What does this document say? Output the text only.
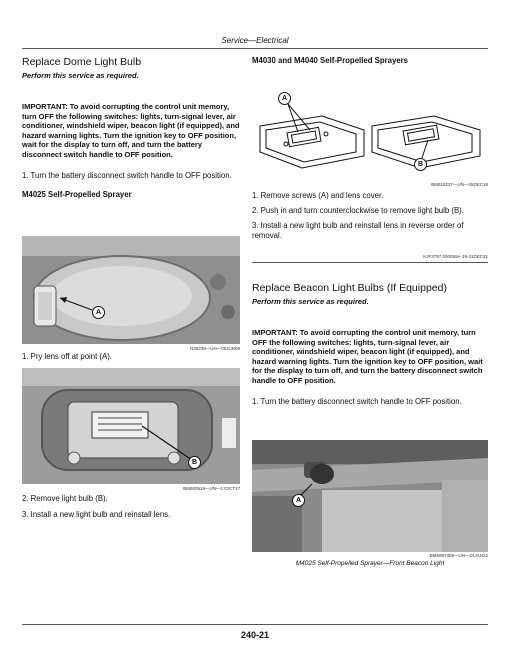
Service—Electrical
Replace Dome Light Bulb
Perform this service as required.
IMPORTANT: To avoid corrupting the control unit memory, turn OFF the following switches: lights, turn-signal lever, air conditioner, windshield wiper, beacon light (if equipped), and hazard warning lights. Turn the ignition key to OFF position, wait for the display to turn off, and turn the battery disconnect switch handle to OFF position.
1. Turn the battery disconnect switch handle to OFF position.
M4025 Self-Propelled Sprayer
A
N35239—UN—05JUN09
1. Pry lens off at point (A).
B
BM600519—UN—17OCT17
2. Remove light bulb (B).
3. Install a new light bulb and reinstall lens.
M4030 and M4040 Self-Propelled Sprayers
A
B
BM618237—UN—05DEC18
1. Remove screws (A) and lens cover.
2. Push in and turn counterclockwise to remove light bulb (B).
3. Install a new light bulb and reinstall lens in reverse order of removal.
KJF3797,000059A-19-31DEC21
Replace Beacon Light Bulbs (If Equipped)
Perform this service as required.
IMPORTANT: To avoid corrupting the control unit memory, turn OFF the following switches: lights, turn-signal lever, air conditioner, windshield wiper, beacon light (if equipped), and hazard warning lights. Turn the ignition key to OFF position, wait for the display to turn off, and turn the battery disconnect switch handle to OFF position.
1. Turn the battery disconnect switch handle to OFF position.
A
BM5997359—UN—24JAN22
M4025 Self-Propelled Sprayer—Front Beacon Light
240-21
